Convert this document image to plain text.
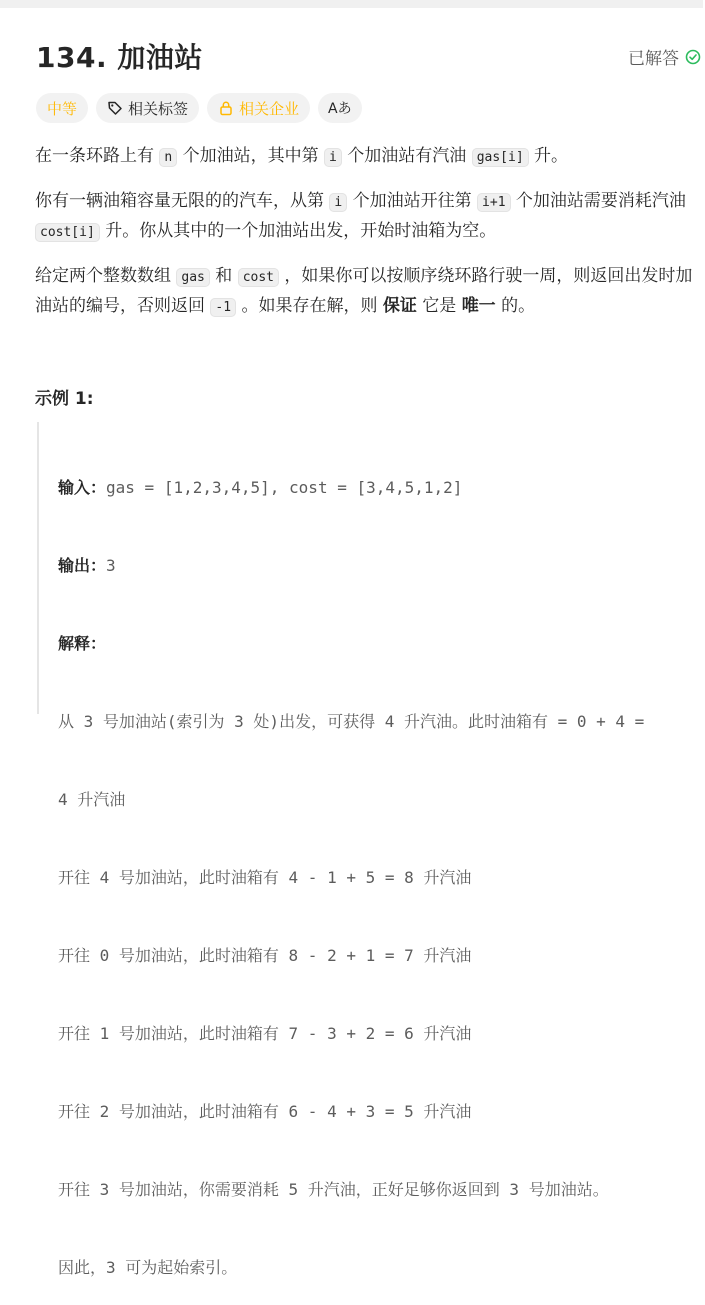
134. 加油站	已解答
中等	相关标签	相关企业 Aあ

在一条环路上有 n 个加油站，其中第 i 个加油站有汽油 gas[i] 升。

你有一辆油箱容量无限的的汽车，从第 i 个加油站开往第 i+1 个加油站需要消耗汽油 cost[i] 升。你从其中的一个加油站出发，开始时油箱为空。

给定两个整数数组 gas 和 cost ，如果你可以按顺序绕环路行驶一周，则返回出发时加油站的编号，否则返回 -1 。如果存在解，则 保证 它是 唯一 的。

示例 1:

输入：gas = [1,2,3,4,5], cost = [3,4,5,1,2]

输出：3

解释：

从 3 号加油站(索引为 3 处)出发，可获得 4 升汽油。此时油箱有 = 0 + 4 =

4 升汽油

开往 4 号加油站，此时油箱有 4 - 1 + 5 = 8 升汽油

开往 0 号加油站，此时油箱有 8 - 2 + 1 = 7 升汽油

开往 1 号加油站，此时油箱有 7 - 3 + 2 = 6 升汽油

开往 2 号加油站，此时油箱有 6 - 4 + 3 = 5 升汽油

开往 3 号加油站，你需要消耗 5 升汽油，正好足够你返回到 3 号加油站。

因此，3 可为起始索引。
